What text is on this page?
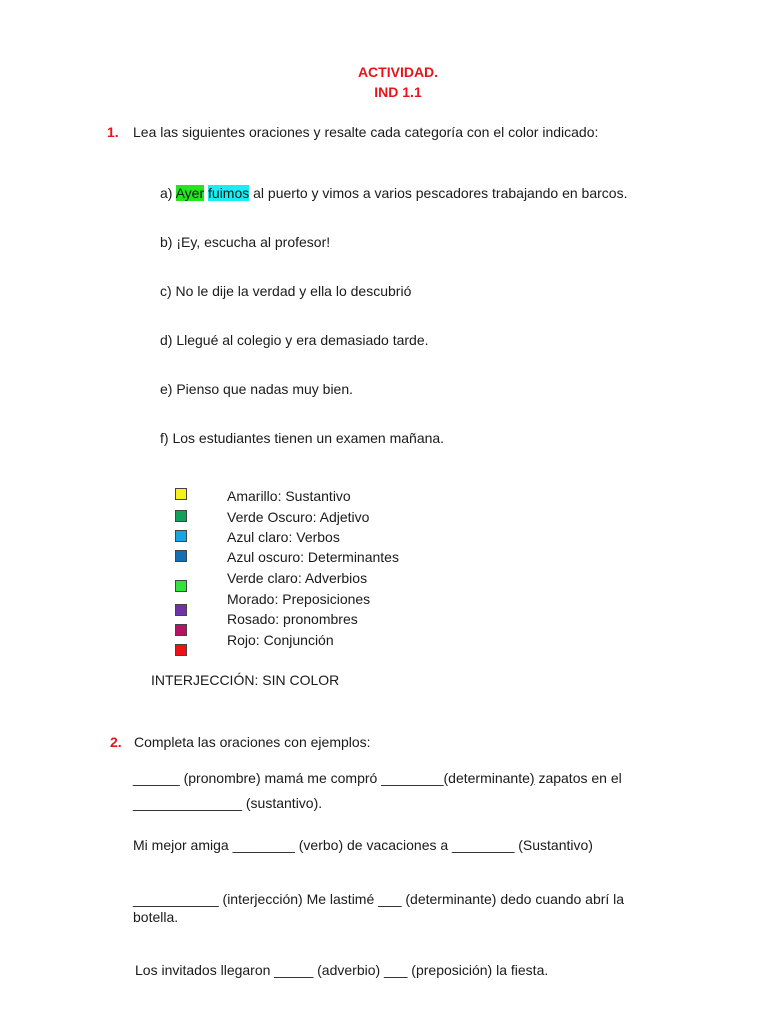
ACTIVIDAD.
IND 1.1
1. Lea las siguientes oraciones y resalte cada categoría con el color indicado:
a) Ayer fuimos al puerto y vimos a varios pescadores trabajando en barcos.
b) ¡Ey, escucha al profesor!
c) No le dije la verdad y ella lo descubrió
d) Llegué al colegio y era demasiado tarde.
e) Pienso que nadas muy bien.
f) Los estudiantes tienen un examen mañana.
Amarillo: Sustantivo
Verde Oscuro: Adjetivo
Azul claro: Verbos
Azul oscuro: Determinantes
Verde claro: Adverbios
Morado: Preposiciones
Rosado: pronombres
Rojo: Conjunción
INTERJECCIÓN: SIN COLOR
2. Completa las oraciones con ejemplos:
______ (pronombre) mamá me compró ________(determinante) zapatos en el
______________ (sustantivo).
Mi mejor amiga ________ (verbo) de vacaciones a ________ (Sustantivo)
___________ (interjección) Me lastimé ___ (determinante) dedo cuando abrí la
botella.
Los invitados llegaron _____ (adverbio) ___ (preposición) la fiesta.
